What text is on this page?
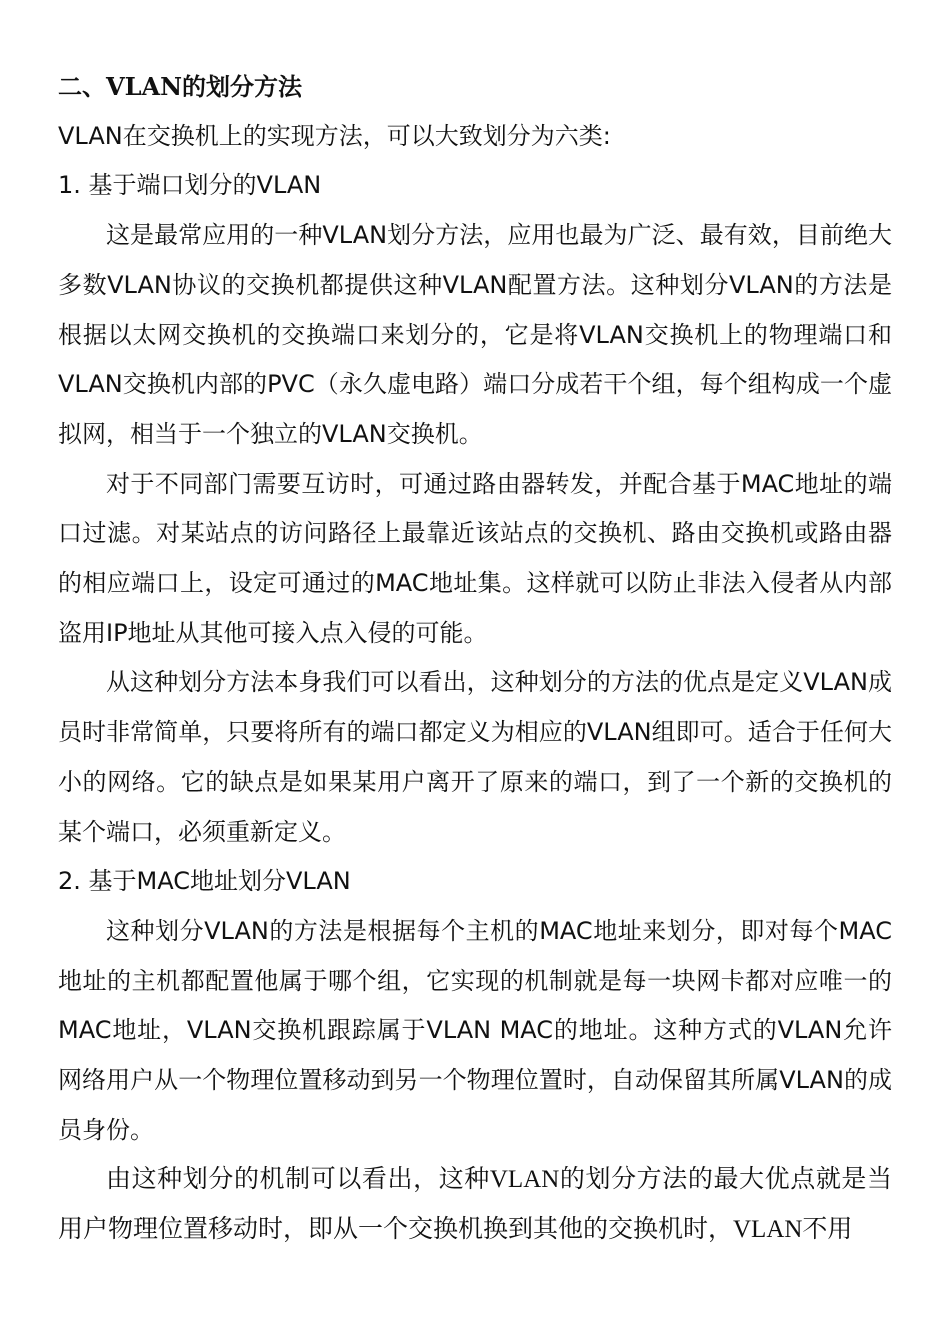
二、VLAN的划分方法

VLAN在交换机上的实现方法，可以大致划分为六类:

1. 基于端口划分的VLAN

这是最常应用的一种VLAN划分方法，应用也最为广泛、最有效，目前绝大多数VLAN协议的交换机都提供这种VLAN配置方法。这种划分VLAN的方法是根据以太网交换机的交换端口来划分的，它是将VLAN交换机上的物理端口和VLAN交换机内部的PVC（永久虚电路）端口分成若干个组，每个组构成一个虚拟网，相当于一个独立的VLAN交换机。

对于不同部门需要互访时，可通过路由器转发，并配合基于MAC地址的端口过滤。对某站点的访问路径上最靠近该站点的交换机、路由交换机或路由器的相应端口上，设定可通过的MAC地址集。这样就可以防止非法入侵者从内部盗用IP地址从其他可接入点入侵的可能。

从这种划分方法本身我们可以看出，这种划分的方法的优点是定义VLAN成员时非常简单，只要将所有的端口都定义为相应的VLAN组即可。适合于任何大小的网络。它的缺点是如果某用户离开了原来的端口，到了一个新的交换机的某个端口，必须重新定义。

2. 基于MAC地址划分VLAN

这种划分VLAN的方法是根据每个主机的MAC地址来划分，即对每个MAC地址的主机都配置他属于哪个组，它实现的机制就是每一块网卡都对应唯一的MAC地址，VLAN交换机跟踪属于VLAN MAC的地址。这种方式的VLAN允许网络用户从一个物理位置移动到另一个物理位置时，自动保留其所属VLAN的成员身份。

由这种划分的机制可以看出，这种VLAN的划分方法的最大优点就是当用户物理位置移动时，即从一个交换机换到其他的交换机时，VLAN不用
